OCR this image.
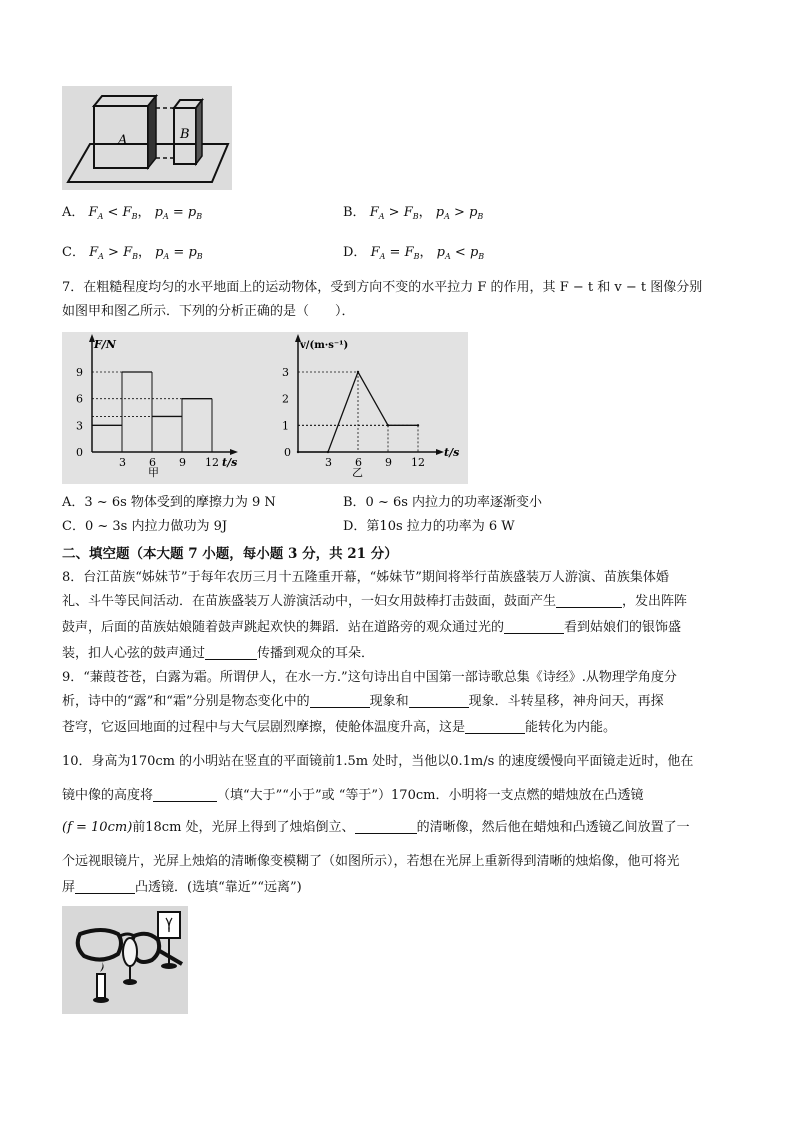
A	B
A． $F_A < F_B$， $p_A = p_B$	B． $F_A > F_B$， $p_A > p_B$
C． $F_A > F_B$， $p_A = p_B$	D． $F_A = F_B$， $p_A < p_B$
7．在粗糙程度均匀的水平地面上的运动物体，受到方向不变的水平拉力 F 的作用，其 F − t 和 v − t 图像分别
如图甲和图乙所示．下列的分析正确的是（　　）．
F/N
t/s
0
甲
3 6 9 12
3
6
9
v/(m·s⁻¹)
t/s
0
乙
3 6 9 12
1
2
3
A．3 ~ 6s 物体受到的摩擦力为 9 N	B．0 ~ 6s 内拉力的功率逐渐变小
C．0 ~ 3s 内拉力做功为 9J	D．第10s 拉力的功率为 6 W
二、填空题（本大题 7 小题，每小题 3 分，共 21 分）
8．台江苗族“姊妹节”于每年农历三月十五隆重开幕，“姊妹节”期间将举行苗族盛装万人游演、苗族集体婚
礼、斗牛等民间活动．在苗族盛装万人游演活动中，一妇女用鼓棒打击鼓面，鼓面产生	，发出阵阵
鼓声，后面的苗族姑娘随着鼓声跳起欢快的舞蹈．站在道路旁的观众通过光的	看到姑娘们的银饰盛
装，扣人心弦的鼓声通过	传播到观众的耳朵．
9．“蒹葭苍苍，白露为霜。所谓伊人，在水一方.”这句诗出自中国第一部诗歌总集《诗经》.从物理学角度分
析，诗中的“露”和“霜”分别是物态变化中的	现象和	现象．斗转星移，神舟问天，再探
苍穹，它返回地面的过程中与大气层剧烈摩擦，使舱体温度升高，这是	能转化为内能。
10．身高为170cm 的小明站在竖直的平面镜前1.5m 处时，当他以0.1m/s 的速度缓慢向平面镜走近时，他在
镜中像的高度将	（填“大于”“小于”或 “等于”）170cm．小明将一支点燃的蜡烛放在凸透镜
(f = 10cm)前18cm 处，光屏上得到了烛焰倒立、	的清晰像，然后他在蜡烛和凸透镜乙间放置了一
个远视眼镜片，光屏上烛焰的清晰像变模糊了（如图所示），若想在光屏上重新得到清晰的烛焰像，他可将光
屏	凸透镜．(选填“靠近”“远离”)
